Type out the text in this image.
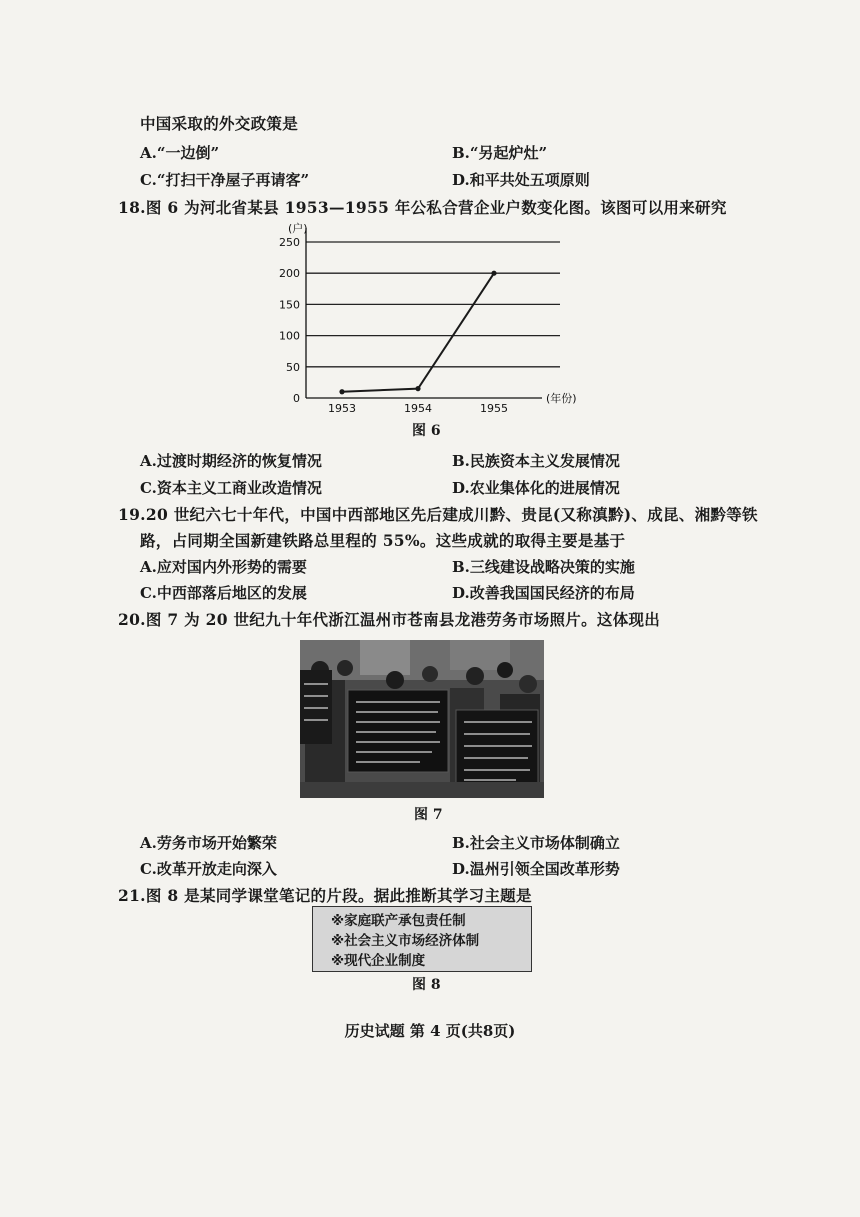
中国采取的外交政策是
A.“一边倒”	B.“另起炉灶”
C.“打扫干净屋子再请客”	D.和平共处五项原则
18.图 6 为河北省某县 1953—1955 年公私合营企业户数变化图。该图可以用来研究
0
50
100
150
200
250
(户)
(年份)
1953	1954	1955
图 6
A.过渡时期经济的恢复情况	B.民族资本主义发展情况
C.资本主义工商业改造情况	D.农业集体化的进展情况
19.20 世纪六七十年代，中国中西部地区先后建成川黔、贵昆(又称滇黔)、成昆、湘黔等铁
路，占同期全国新建铁路总里程的 55%。这些成就的取得主要是基于
A.应对国内外形势的需要	B.三线建设战略决策的实施
C.中西部落后地区的发展	D.改善我国国民经济的布局
20.图 7 为 20 世纪九十年代浙江温州市苍南县龙港劳务市场照片。这体现出
图 7
A.劳务市场开始繁荣	B.社会主义市场体制确立
C.改革开放走向深入	D.温州引领全国改革形势
21.图 8 是某同学课堂笔记的片段。据此推断其学习主题是
※家庭联产承包责任制
※社会主义市场经济体制
※现代企业制度
图 8
历史试题 第 4 页(共8页)
